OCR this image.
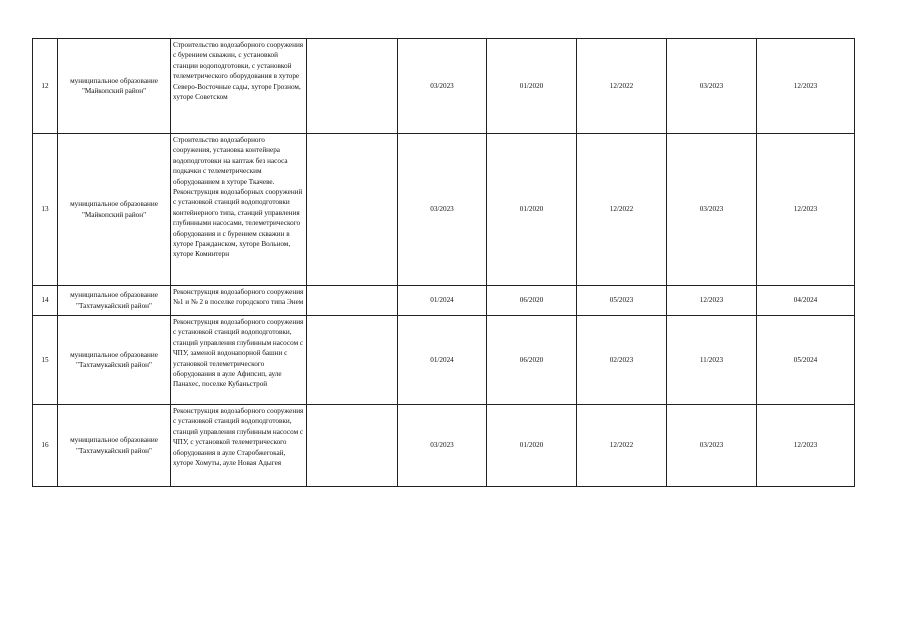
12	муниципальное образование "Майкопский район"	Строительство водозаборного сооружения с бурением скважин, с установкой станции водоподготовки, с установкой телеметрического оборудования в хуторе Северо-Восточные сады, хуторе Грозном, хуторе Советском		03/2023	01/2020	12/2022	03/2023	12/2023
13	муниципальное образование "Майкопский район"	Строительство водозаборного сооружения, установка контейнера водоподготовки на каптаж без насоса подкачки с телеметрическим оборудованием в хуторе Ткачеве. Реконструкция водозаборных сооружений с установкой станций водоподготовки контейнерного типа, станций управления глубинными насосами, телеметрического оборудования и с бурением скважин в хуторе Гражданском, хуторе Вольном, хуторе Коминтерн		03/2023	01/2020	12/2022	03/2023	12/2023
14	муниципальное образование "Тахтамукайский район"	Реконструкция водозаборного сооружения №1 и № 2 в поселке городского типа Энем		01/2024	06/2020	05/2023	12/2023	04/2024
15	муниципальное образование "Тахтамукайский район"	Реконструкция водозаборного сооружения с установкой станций водоподготовки, станций управления глубинным насосом с ЧПУ, заменой водонапорной башни с установкой телеметрического оборудования в ауле Афипсип, ауле Панахес, поселке Кубаньстрой		01/2024	06/2020	02/2023	11/2023	05/2024
16	муниципальное образование "Тахтамукайский район"	Реконструкция водозаборного сооружения с установкой станций водоподготовки, станций управления глубинным насосом с ЧПУ, с установкой телеметрического оборудования в ауле Старобжегокай, хуторе Хомуты, ауле Новая Адыгея		03/2023	01/2020	12/2022	03/2023	12/2023
